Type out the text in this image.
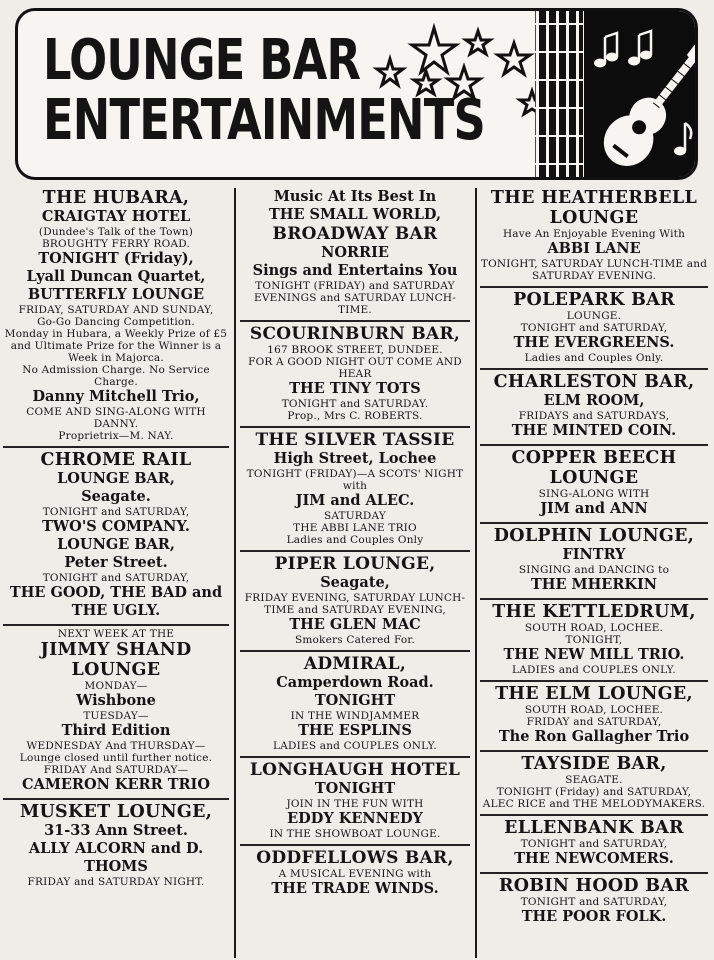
LOUNGE BAR
ENTERTAINMENTS
THE HUBARA,
CRAIGTAY HOTEL
(Dundee's Talk of the Town)
BROUGHTY FERRY ROAD.
TONIGHT (Friday),
Lyall Duncan Quartet,
BUTTERFLY LOUNGE
FRIDAY, SATURDAY AND SUNDAY,
Go-Go Dancing Competition.
Monday in Hubara, a Weekly Prize of £5 and Ultimate Prize for the Winner is a Week in Majorca.
No Admission Charge. No Service Charge.
Danny Mitchell Trio,
COME AND SING-ALONG WITH DANNY.
Proprietrix—M. NAY.
CHROME RAIL
LOUNGE BAR,
Seagate.
TONIGHT and SATURDAY,
TWO'S COMPANY.
LOUNGE BAR,
Peter Street.
TONIGHT and SATURDAY,
THE GOOD, THE BAD and THE UGLY.
NEXT WEEK AT THE
JIMMY SHAND LOUNGE
MONDAY—
Wishbone
TUESDAY—
Third Edition
WEDNESDAY And THURSDAY—
Lounge closed until further notice.
FRIDAY And SATURDAY—
CAMERON KERR TRIO
MUSKET LOUNGE,
31-33 Ann Street.
ALLY ALCORN and D. THOMS
FRIDAY and SATURDAY NIGHT.
Music At Its Best In
THE SMALL WORLD,
BROADWAY BAR
NORRIE
Sings and Entertains You
TONIGHT (FRIDAY) and SATURDAY EVENINGS and SATURDAY LUNCH-TIME.
SCOURINBURN BAR,
167 BROOK STREET, DUNDEE.
FOR A GOOD NIGHT OUT COME AND HEAR
THE TINY TOTS
TONIGHT and SATURDAY.
Prop., Mrs C. ROBERTS.
THE SILVER TASSIE
High Street, Lochee
TONIGHT (FRIDAY)—A SCOTS' NIGHT with
JIM and ALEC.
SATURDAY
THE ABBI LANE TRIO
Ladies and Couples Only
PIPER LOUNGE,
Seagate,
FRIDAY EVENING, SATURDAY LUNCH-TIME and SATURDAY EVENING,
THE GLEN MAC
Smokers Catered For.
ADMIRAL,
Camperdown Road.
TONIGHT
IN THE WINDJAMMER
THE ESPLINS
LADIES and COUPLES ONLY.
LONGHAUGH HOTEL
TONIGHT
JOIN IN THE FUN WITH
EDDY KENNEDY
IN THE SHOWBOAT LOUNGE.
ODDFELLOWS BAR,
A MUSICAL EVENING with
THE TRADE WINDS.
THE HEATHERBELL LOUNGE
Have An Enjoyable Evening With
ABBI LANE
TONIGHT, SATURDAY LUNCH-TIME and SATURDAY EVENING.
POLEPARK BAR
LOUNGE.
TONIGHT and SATURDAY,
THE EVERGREENS.
Ladies and Couples Only.
CHARLESTON BAR,
ELM ROOM,
FRIDAYS and SATURDAYS,
THE MINTED COIN.
COPPER BEECH LOUNGE
SING-ALONG WITH
JIM and ANN
DOLPHIN LOUNGE,
FINTRY
SINGING and DANCING to
THE MHERKIN
THE KETTLEDRUM,
SOUTH ROAD, LOCHEE.
TONIGHT,
THE NEW MILL TRIO.
LADIES and COUPLES ONLY.
THE ELM LOUNGE,
SOUTH ROAD, LOCHEE.
FRIDAY and SATURDAY,
The Ron Gallagher Trio
TAYSIDE BAR,
SEAGATE.
TONIGHT (Friday) and SATURDAY, ALEC RICE and THE MELODYMAKERS.
ELLENBANK BAR
TONIGHT and SATURDAY,
THE NEWCOMERS.
ROBIN HOOD BAR
TONIGHT and SATURDAY,
THE POOR FOLK.
